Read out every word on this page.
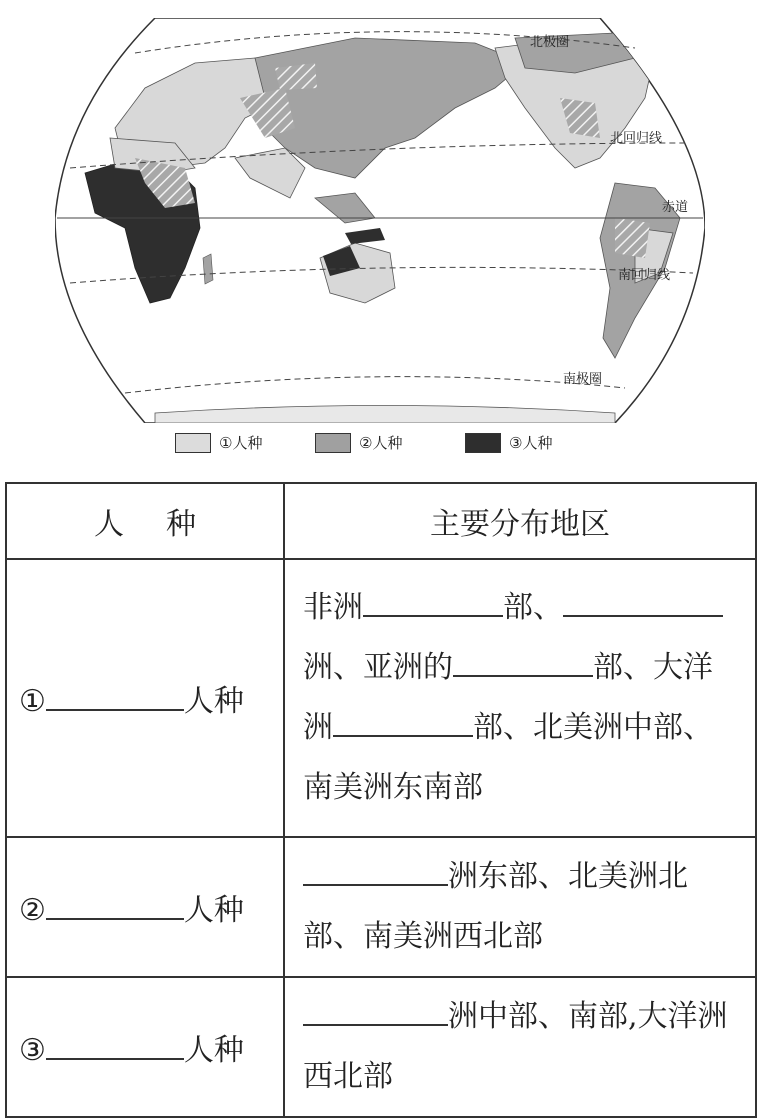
北极圈
北回归线
赤道
南回归线
南极圈
①人种	②人种	③人种
人种	主要分布地区
① 人种	非洲 部、洲、亚洲的 部、大洋洲 部、北美洲中部、南美洲东南部
② 人种	洲东部、北美洲北部、南美洲西北部
③ 人种	洲中部、南部,大洋洲西北部
